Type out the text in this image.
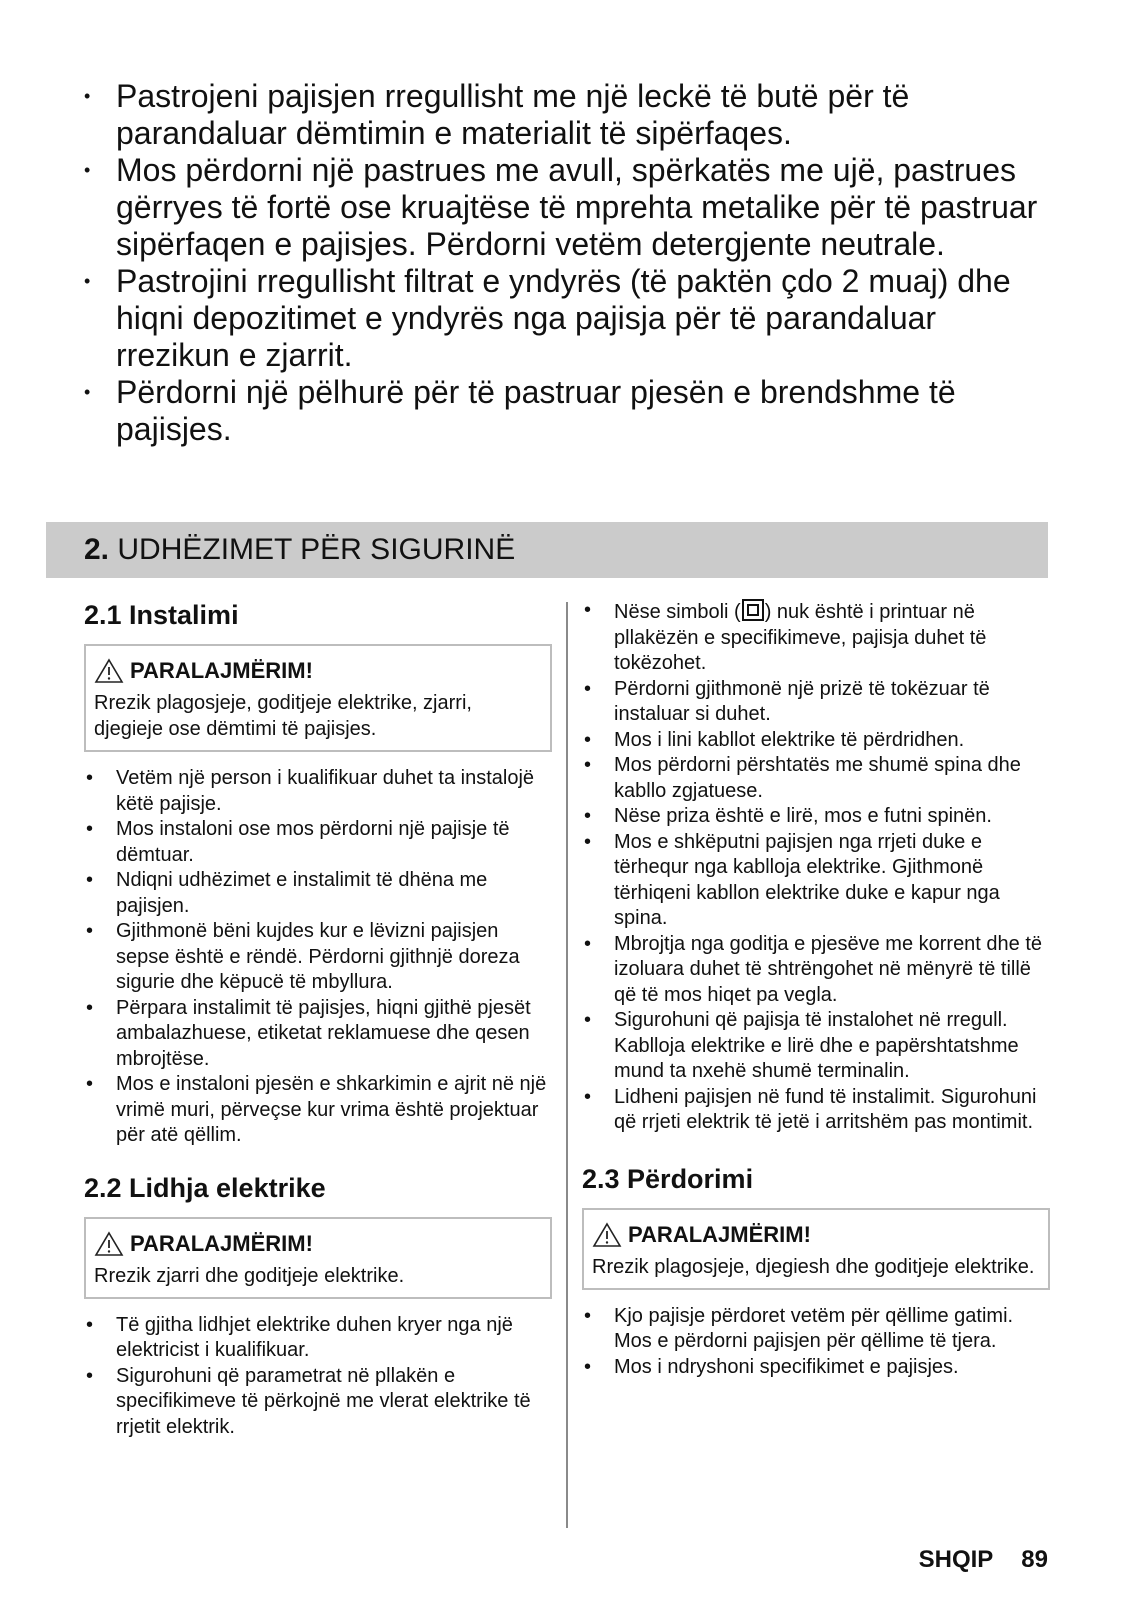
• Pastrojeni pajisjen rregullisht me një leckë të butë për të parandaluar dëmtimin e materialit të sipërfaqes.
• Mos përdorni një pastrues me avull, spërkatës me ujë, pastrues gërryes të fortë ose kruajtëse të mprehta metalike për të pastruar sipërfaqen e pajisjes. Përdorni vetëm detergjente neutrale.
• Pastrojini rregullisht filtrat e yndyrës (të paktën çdo 2 muaj) dhe hiqni depozitimet e yndyrës nga pajisja për të parandaluar rrezikun e zjarrit.
• Përdorni një pëlhurë për të pastruar pjesën e brendshme të pajisjes.
2. UDHËZIMET PËR SIGURINË
2.1 Instalimi
PARALAJMËRIM!
Rrezik plagosjeje, goditjeje elektrike, zjarri, djegieje ose dëmtimi të pajisjes.
• Vetëm një person i kualifikuar duhet ta instalojë këtë pajisje.
• Mos instaloni ose mos përdorni një pajisje të dëmtuar.
• Ndiqni udhëzimet e instalimit të dhëna me pajisjen.
• Gjithmonë bëni kujdes kur e lëvizni pajisjen sepse është e rëndë. Përdorni gjithnjë doreza sigurie dhe këpucë të mbyllura.
• Përpara instalimit të pajisjes, hiqni gjithë pjesët ambalazhuese, etiketat reklamuese dhe qesen mbrojtëse.
• Mos e instaloni pjesën e shkarkimin e ajrit në një vrimë muri, përveçse kur vrima është projektuar për atë qëllim.
2.2 Lidhja elektrike
PARALAJMËRIM!
Rrezik zjarri dhe goditjeje elektrike.
• Të gjitha lidhjet elektrike duhen kryer nga një elektricist i kualifikuar.
• Sigurohuni që parametrat në pllakën e specifikimeve të përkojnë me vlerat elektrike të rrjetit elektrik.
• Nëse simboli ( ) nuk është i printuar në pllakëzën e specifikimeve, pajisja duhet të tokëzohet.
• Përdorni gjithmonë një prizë të tokëzuar të instaluar si duhet.
• Mos i lini kabllot elektrike të përdridhen.
• Mos përdorni përshtatës me shumë spina dhe kabllo zgjatuese.
• Nëse priza është e lirë, mos e futni spinën.
• Mos e shkëputni pajisjen nga rrjeti duke e tërhequr nga kablloja elektrike. Gjithmonë tërhiqeni kabllon elektrike duke e kapur nga spina.
• Mbrojtja nga goditja e pjesëve me korrent dhe të izoluara duhet të shtrëngohet në mënyrë të tillë që të mos hiqet pa vegla.
• Sigurohuni që pajisja të instalohet në rregull. Kablloja elektrike e lirë dhe e papërshtatshme mund ta nxehë shumë terminalin.
• Lidheni pajisjen në fund të instalimit. Sigurohuni që rrjeti elektrik të jetë i arritshëm pas montimit.
2.3 Përdorimi
PARALAJMËRIM!
Rrezik plagosjeje, djegiesh dhe goditjeje elektrike.
• Kjo pajisje përdoret vetëm për qëllime gatimi. Mos e përdorni pajisjen për qëllime të tjera.
• Mos i ndryshoni specifikimet e pajisjes.
SHQIP 89
